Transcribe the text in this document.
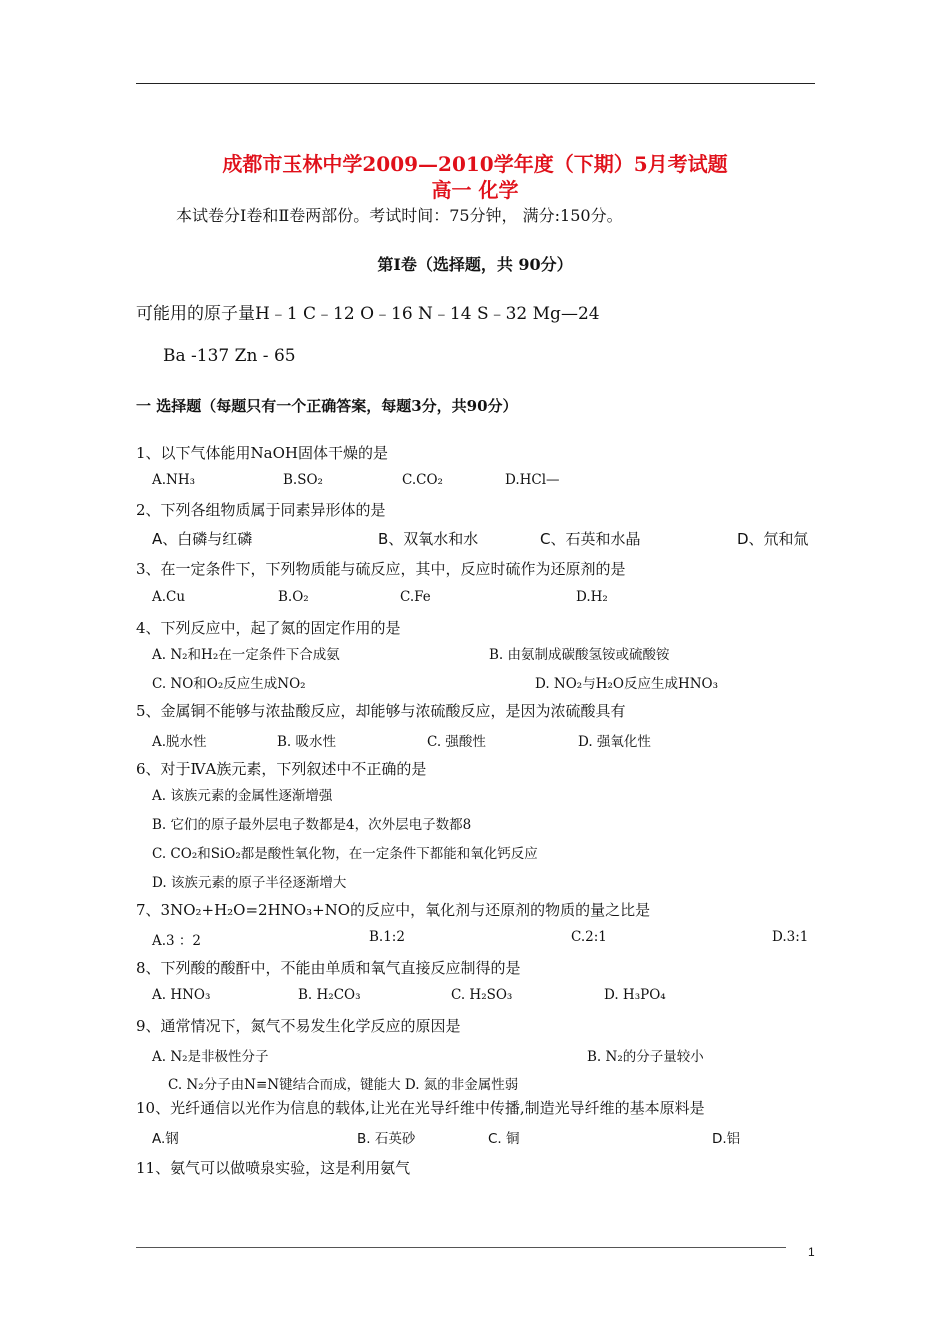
成都市玉林中学2009—2010学年度（下期）5月考试题
高一 化学
本试卷分Ⅰ卷和Ⅱ卷两部份。考试时间：75分钟， 满分:150分。
第Ⅰ卷（选择题，共 90分）
可能用的原子量H﹣1 C﹣12 O﹣16 N﹣14 S﹣32 Mg—24
Ba -137 Zn - 65
一 选择题（每题只有一个正确答案，每题3分，共90分）
1、以下气体能用NaOH固体干燥的是
A.NH₃	B.SO₂	C.CO₂	D.HCl—
2、下列各组物质属于同素异形体的是
A、白磷与红磷	B、双氧水和水	C、石英和水晶	D、氘和氚
3、在一定条件下，下列物质能与硫反应，其中，反应时硫作为还原剂的是
A.Cu	B.O₂	C.Fe	D.H₂
4、下列反应中，起了氮的固定作用的是
A. N₂和H₂在一定条件下合成氨	B. 由氨制成碳酸氢铵或硫酸铵
C. NO和O₂反应生成NO₂	D. NO₂与H₂O反应生成HNO₃
5、金属铜不能够与浓盐酸反应，却能够与浓硫酸反应，是因为浓硫酸具有
A.脱水性	B. 吸水性	C. 强酸性	D. 强氧化性
6、对于ⅣA族元素，下列叙述中不正确的是
A. 该族元素的金属性逐渐增强
B. 它们的原子最外层电子数都是4，次外层电子数都8
C. CO₂和SiO₂都是酸性氧化物，在一定条件下都能和氧化钙反应
D. 该族元素的原子半径逐渐增大
7、3NO₂+H₂O=2HNO₃+NO的反应中，氧化剂与还原剂的物质的量之比是
A.3 ：2	B.1:2	C.2:1	D.3:1
8、下列酸的酸酐中，不能由单质和氧气直接反应制得的是
A. HNO₃	B. H₂CO₃	C. H₂SO₃	D. H₃PO₄
9、通常情况下，氮气不易发生化学反应的原因是
A. N₂是非极性分子	B. N₂的分子量较小
C. N₂分子由N≡N键结合而成，键能大 D. 氮的非金属性弱
10、光纤通信以光作为信息的载体,让光在光导纤维中传播,制造光导纤维的基本原料是
A.钢	B. 石英砂	C. 铜	D.铝
11、氨气可以做喷泉实验，这是利用氨气
1
